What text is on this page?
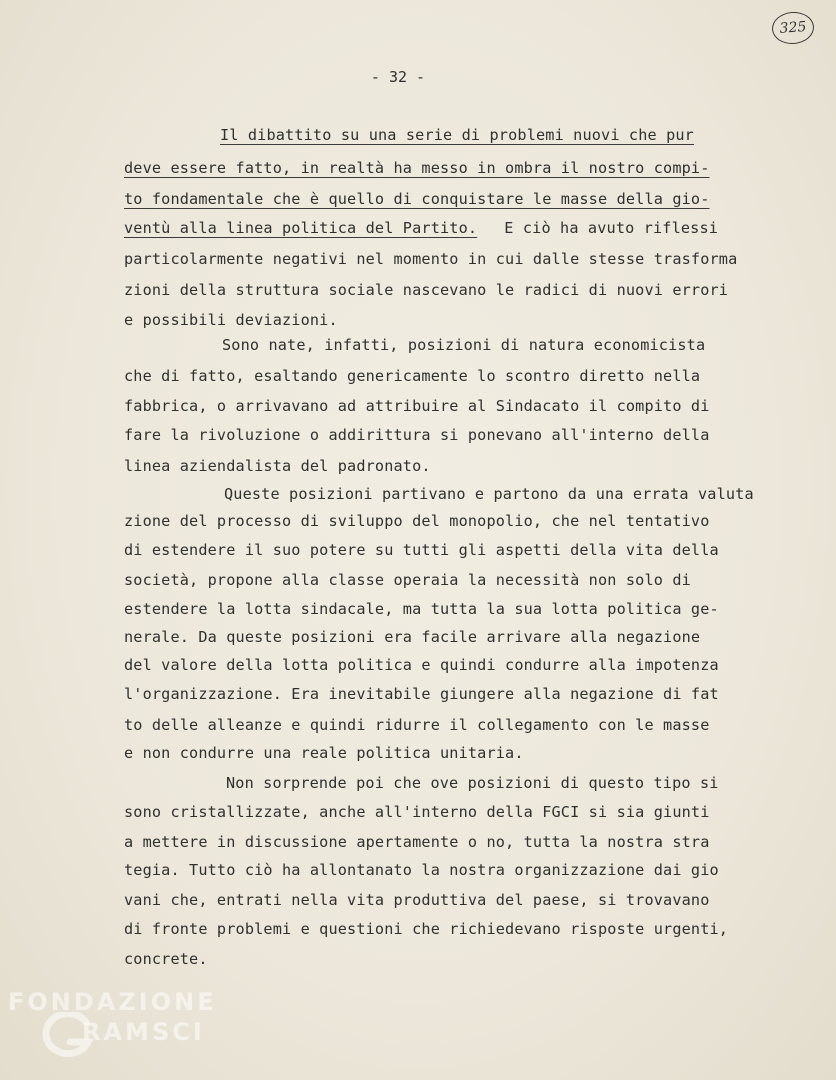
325
- 32 -
Il dibattito su una serie di problemi nuovi che pur
deve essere fatto, in realtà ha messo in ombra il nostro compi-
to fondamentale che è quello di conquistare le masse della gio-
ventù alla linea politica del Partito. E ciò ha avuto riflessi
particolarmente negativi nel momento in cui dalle stesse trasforma
zioni della struttura sociale nascevano le radici di nuovi errori
e possibili deviazioni.
Sono nate, infatti, posizioni di natura economicista
che di fatto, esaltando genericamente lo scontro diretto nella
fabbrica, o arrivavano ad attribuire al Sindacato il compito di
fare la rivoluzione o addirittura si ponevano all'interno della
linea aziendalista del padronato.
Queste posizioni partivano e partono da una errata valuta
zione del processo di sviluppo del monopolio, che nel tentativo
di estendere il suo potere su tutti gli aspetti della vita della
società, propone alla classe operaia la necessità non solo di
estendere la lotta sindacale, ma tutta la sua lotta politica ge-
nerale. Da queste posizioni era facile arrivare alla negazione
del valore della lotta politica e quindi condurre alla impotenza
l'organizzazione. Era inevitabile giungere alla negazione di fat
to delle alleanze e quindi ridurre il collegamento con le masse
e non condurre una reale politica unitaria.
Non sorprende poi che ove posizioni di questo tipo si
sono cristallizzate, anche all'interno della FGCI si sia giunti
a mettere in discussione apertamente o no, tutta la nostra stra
tegia. Tutto ciò ha allontanato la nostra organizzazione dai gio
vani che, entrati nella vita produttiva del paese, si trovavano
di fronte problemi e questioni che richiedevano risposte urgenti,
concrete.
FONDAZIONE
RAMSCI
